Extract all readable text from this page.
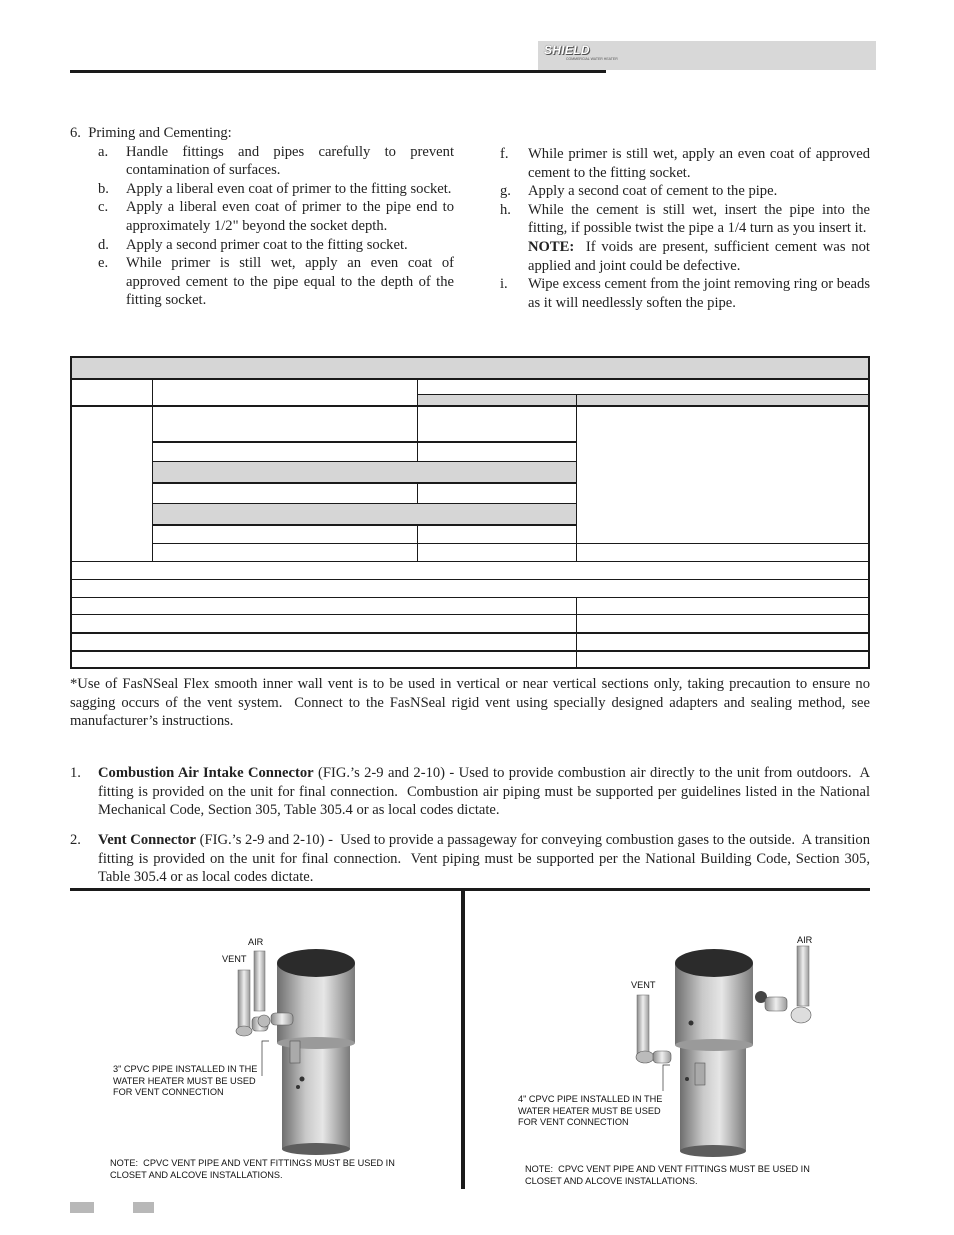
SHIELD
COMMERCIAL WATER HEATER
6.  Priming and Cementing:
a. Handle fittings and pipes carefully to prevent contamination of surfaces.
b. Apply a liberal even coat of primer to the fitting socket.
c. Apply a liberal even coat of primer to the pipe end to approximately 1/2" beyond the socket depth.
d. Apply a second primer coat to the fitting socket.
e. While primer is still wet, apply an even coat of approved cement to the pipe equal to the depth of the fitting socket.
f. While primer is still wet, apply an even coat of approved cement to the fitting socket.
g. Apply a second coat of cement to the pipe.
h. While the cement is still wet, insert the pipe into the fitting, if possible twist the pipe a 1/4 turn as you insert it.  NOTE:  If voids are present, sufficient cement was not applied and joint could be defective.
i. Wipe excess cement from the joint removing ring or beads as it will needlessly soften the pipe.
*Use of FasNSeal Flex smooth inner wall vent is to be used in vertical or near vertical sections only, taking precaution to ensure no sagging occurs of the vent system.  Connect to the FasNSeal rigid vent using specially designed adapters and sealing method, see manufacturer’s instructions.
1.	Combustion Air Intake Connector (FIG.’s 2-9 and 2-10) - Used to provide combustion air directly to the unit from outdoors.  A fitting is provided on the unit for final connection.  Combustion air piping must be supported per guidelines listed in the National Mechanical Code, Section 305, Table 305.4 or as local codes dictate.
2.	Vent Connector (FIG.’s 2-9 and 2-10) -  Used to provide a passageway for conveying combustion gases to the outside.  A transition fitting is provided on the unit for final connection.  Vent piping must be supported per the National Building Code, Section 305, Table 305.4 or as local codes dictate.
AIR
VENT
3" CPVC PIPE INSTALLED IN THE WATER HEATER MUST BE USED FOR VENT CONNECTION
NOTE:  CPVC VENT PIPE AND VENT FITTINGS MUST BE USED IN CLOSET AND ALCOVE INSTALLATIONS.
AIR
VENT
4" CPVC PIPE INSTALLED IN THE WATER HEATER MUST BE USED FOR VENT CONNECTION
NOTE:  CPVC VENT PIPE AND VENT FITTINGS MUST BE USED IN CLOSET AND ALCOVE INSTALLATIONS.
